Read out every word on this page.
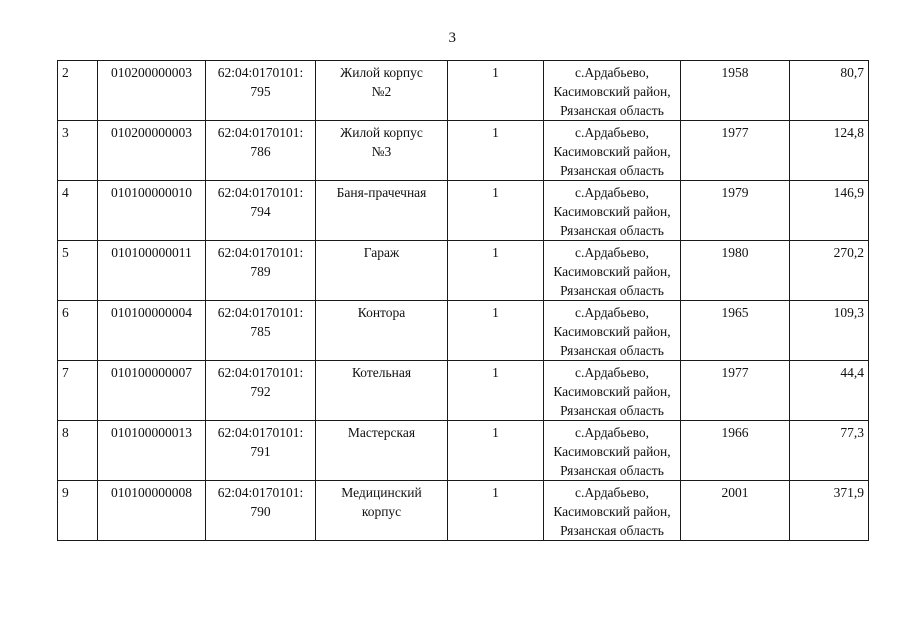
3
2	010200000003	62:04:0170101:
795	Жилой корпус
№2	1	с.Ардабьево,
Касимовский район,
Рязанская область	1958	80,7
3	010200000003	62:04:0170101:
786	Жилой корпус
№3	1	с.Ардабьево,
Касимовский район,
Рязанская область	1977	124,8
4	010100000010	62:04:0170101:
794	Баня-прачечная	1	с.Ардабьево,
Касимовский район,
Рязанская область	1979	146,9
5	010100000011	62:04:0170101:
789	Гараж	1	с.Ардабьево,
Касимовский район,
Рязанская область	1980	270,2
6	010100000004	62:04:0170101:
785	Контора	1	с.Ардабьево,
Касимовский район,
Рязанская область	1965	109,3
7	010100000007	62:04:0170101:
792	Котельная	1	с.Ардабьево,
Касимовский район,
Рязанская область	1977	44,4
8	010100000013	62:04:0170101:
791	Мастерская	1	с.Ардабьево,
Касимовский район,
Рязанская область	1966	77,3
9	010100000008	62:04:0170101:
790	Медицинский
корпус	1	с.Ардабьево,
Касимовский район,
Рязанская область	2001	371,9
